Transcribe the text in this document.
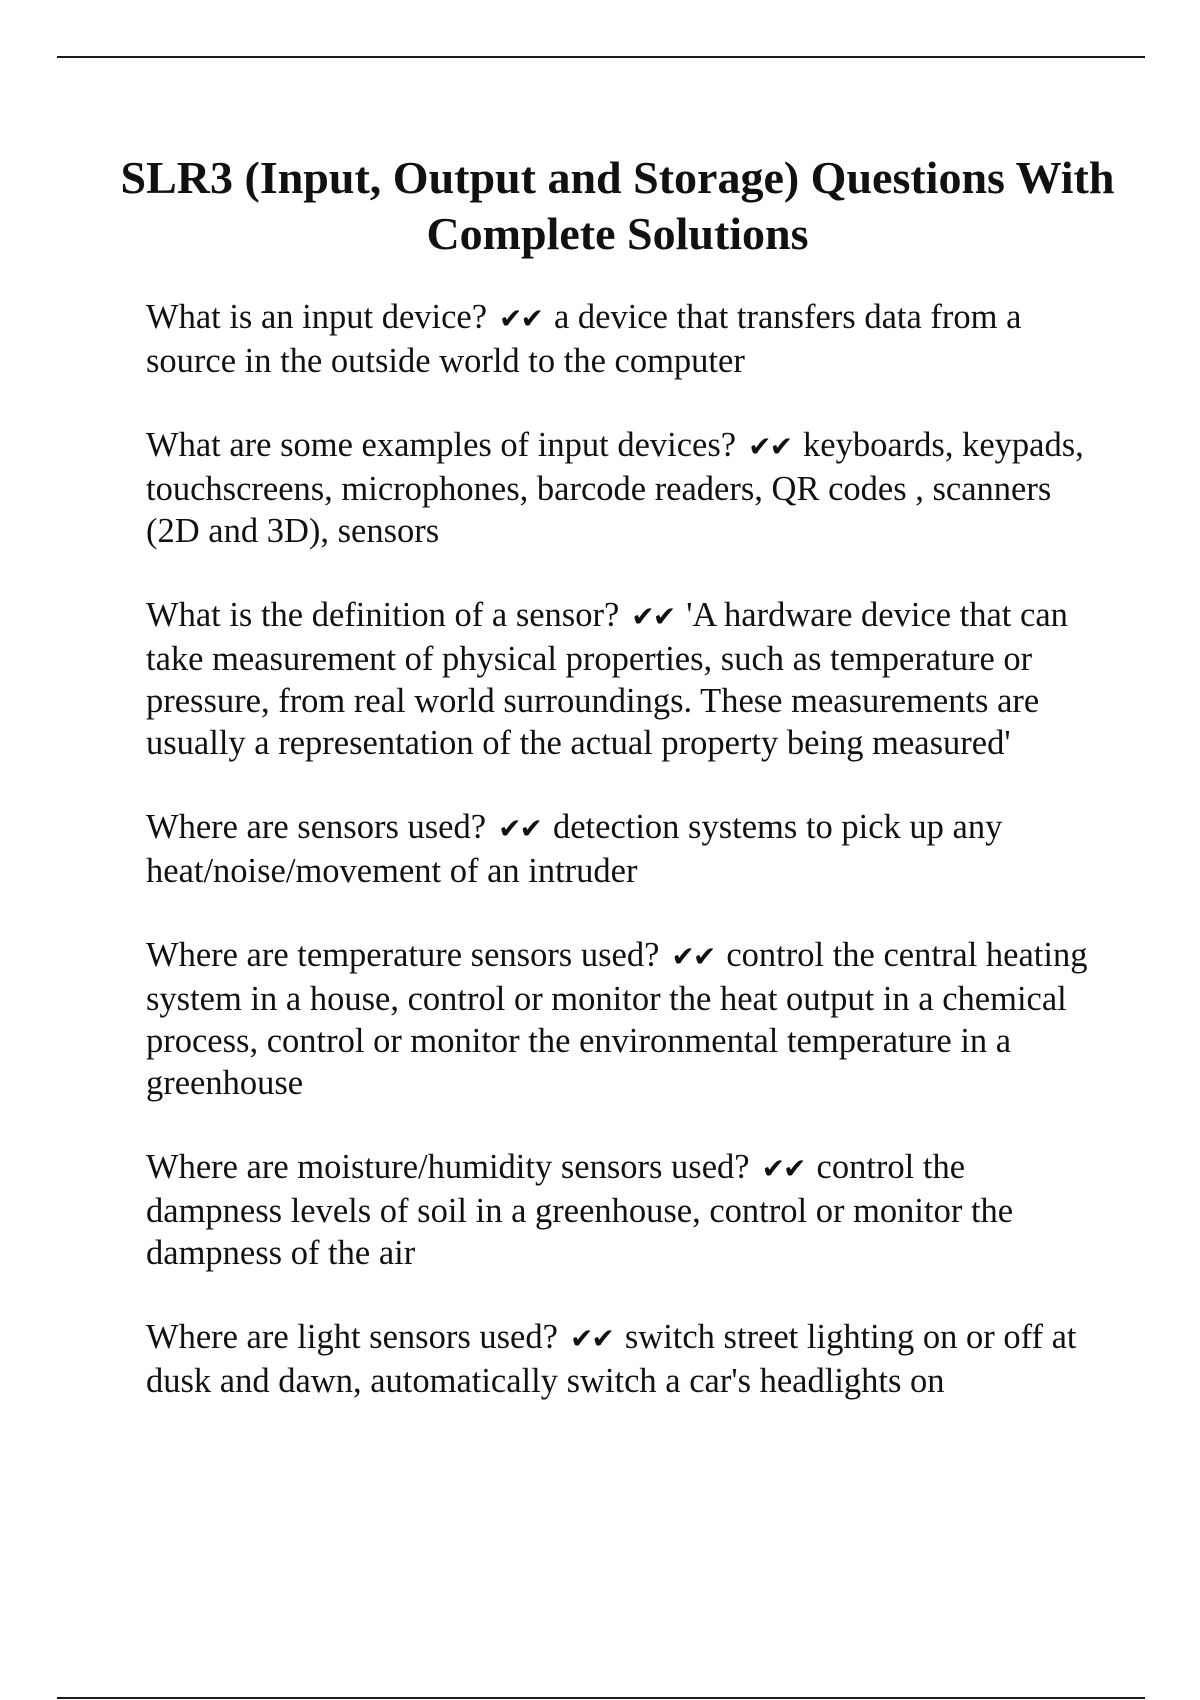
SLR3 (Input, Output and Storage) Questions With Complete Solutions

What is an input device? ✔✔ a device that transfers data from a source in the outside world to the computer

What are some examples of input devices? ✔✔ keyboards, keypads, touchscreens, microphones, barcode readers, QR codes , scanners (2D and 3D), sensors

What is the definition of a sensor? ✔✔ 'A hardware device that can take measurement of physical properties, such as temperature or pressure, from real world surroundings. These measurements are usually a representation of the actual property being measured'

Where are sensors used? ✔✔ detection systems to pick up any heat/noise/movement of an intruder

Where are temperature sensors used? ✔✔ control the central heating system in a house, control or monitor the heat output in a chemical process, control or monitor the environmental temperature in a greenhouse

Where are moisture/humidity sensors used? ✔✔ control the dampness levels of soil in a greenhouse, control or monitor the dampness of the air

Where are light sensors used? ✔✔ switch street lighting on or off at dusk and dawn, automatically switch a car's headlights on
